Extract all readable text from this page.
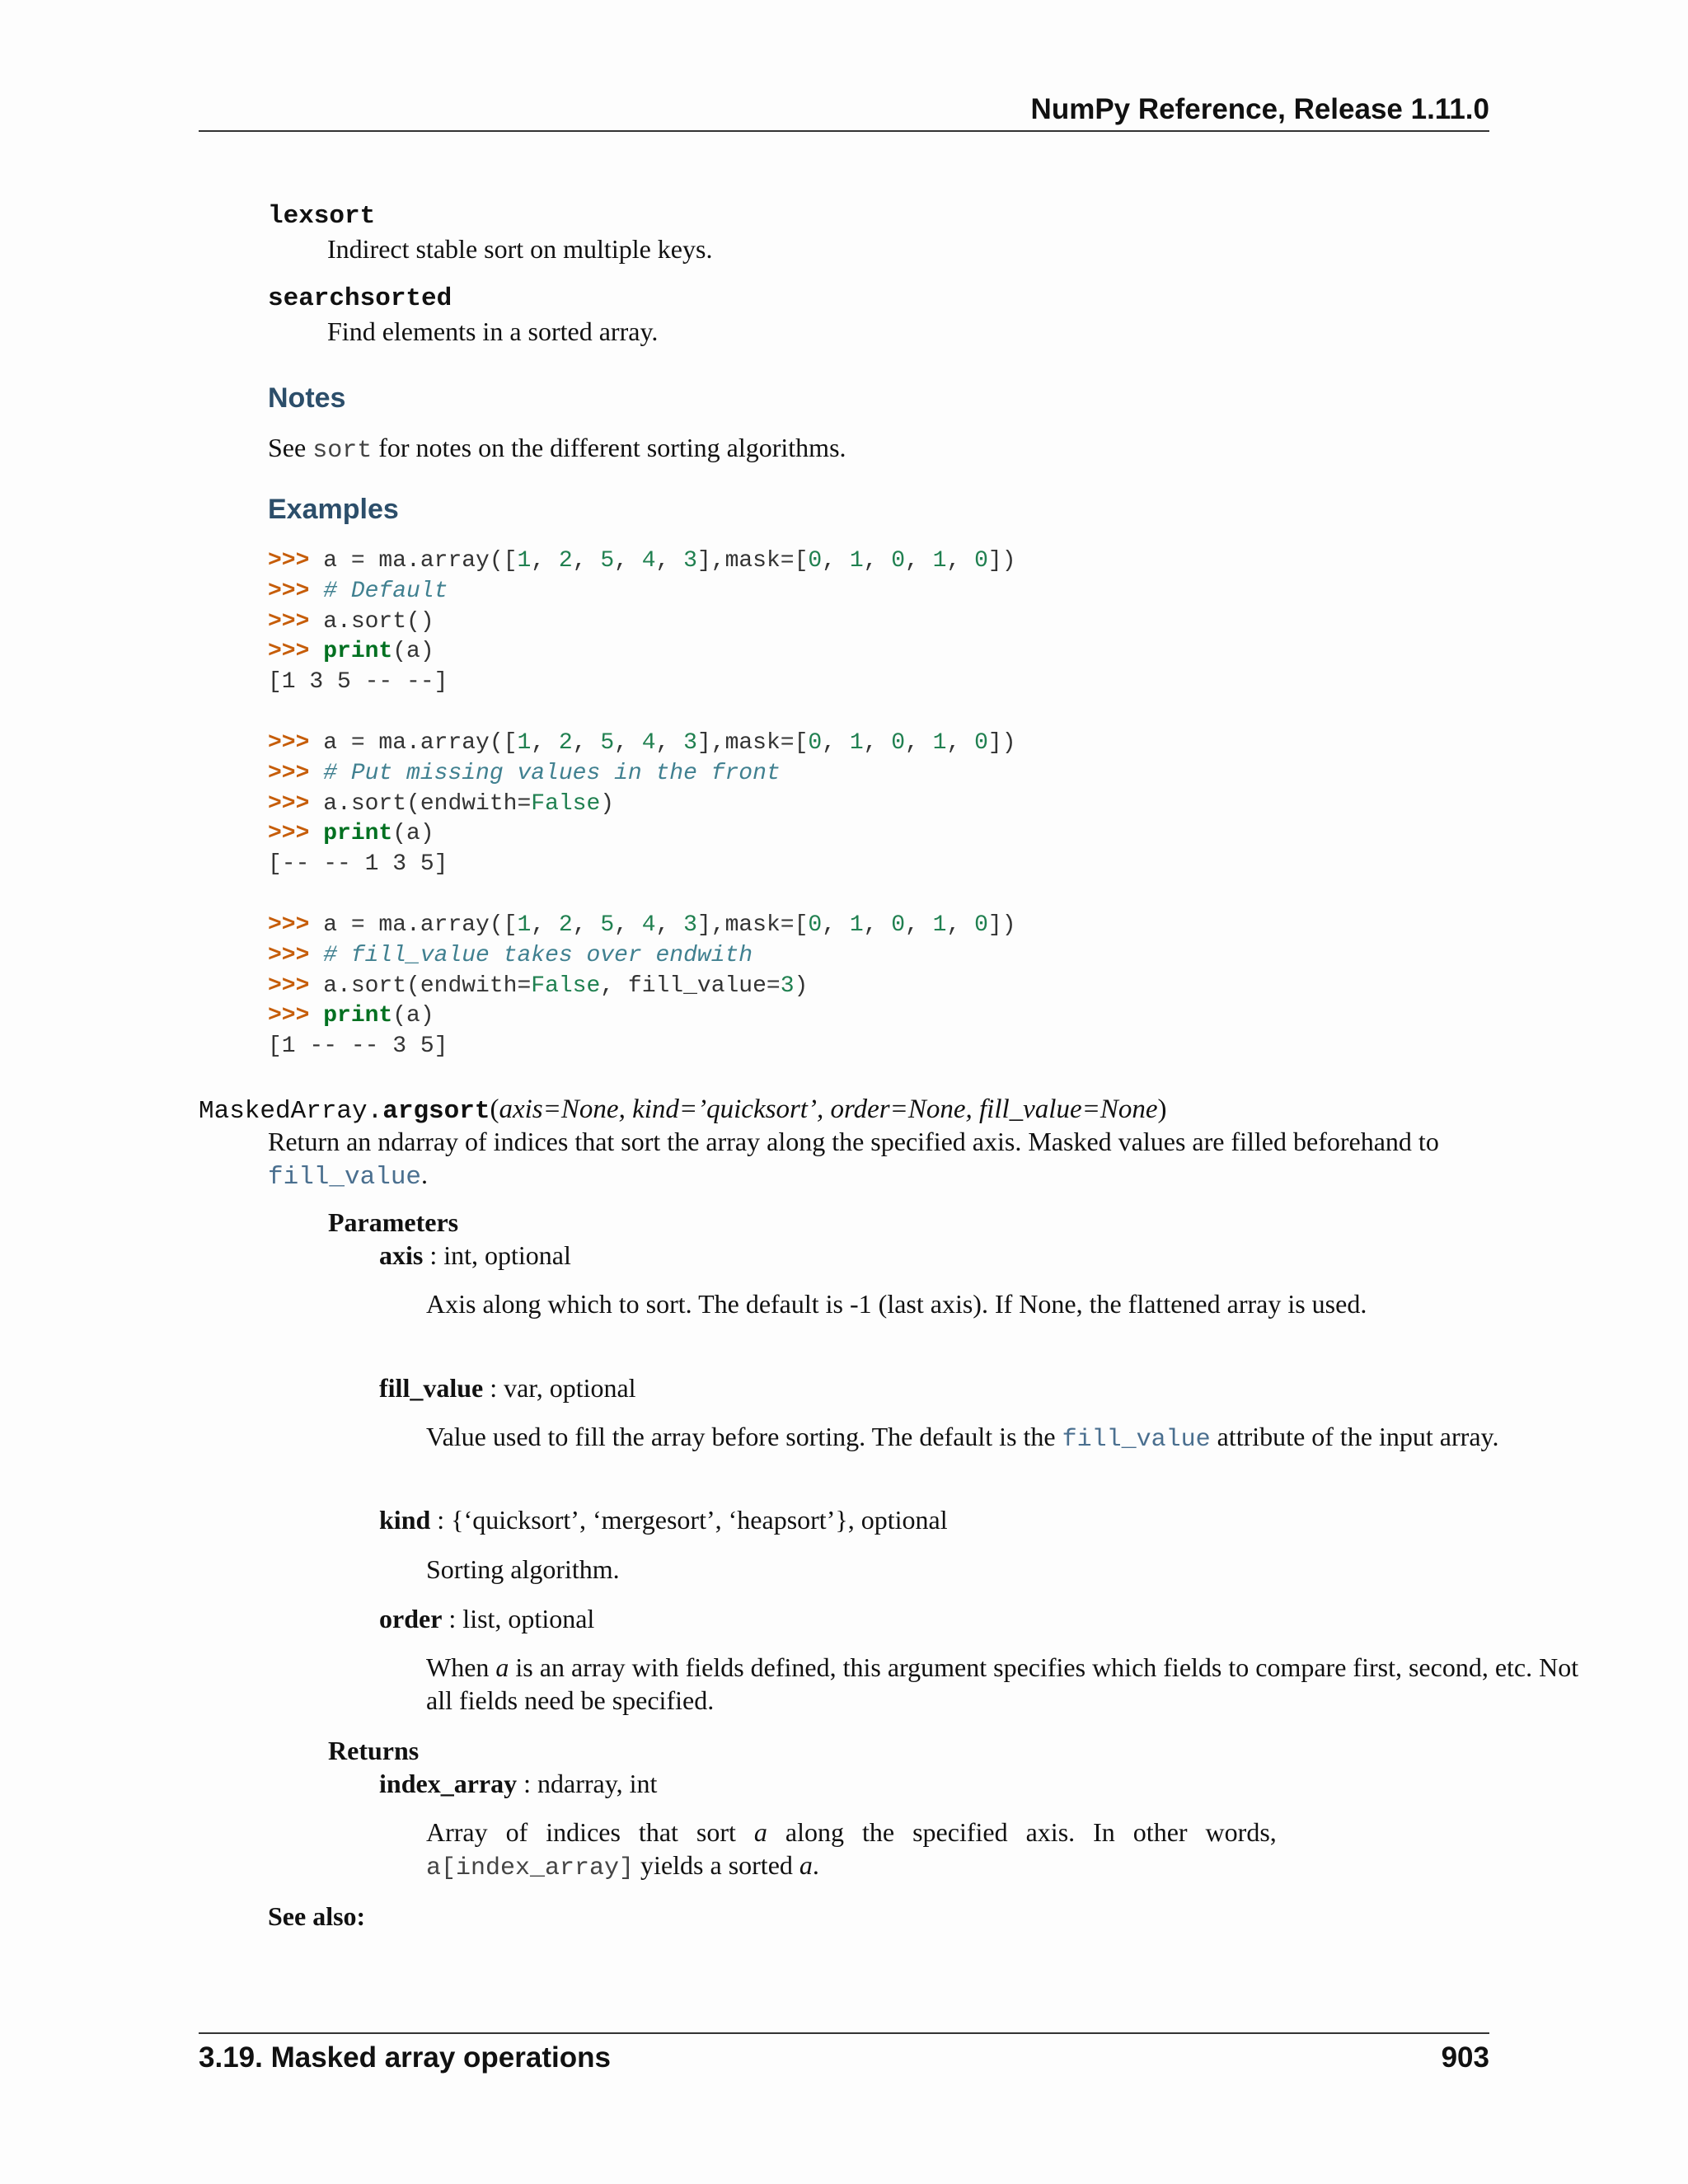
NumPy Reference, Release 1.11.0
lexsort
Indirect stable sort on multiple keys.
searchsorted
Find elements in a sorted array.
Notes
See sort for notes on the different sorting algorithms.
Examples
>>> a = ma.array([1, 2, 5, 4, 3],mask=[0, 1, 0, 1, 0])
>>> # Default
>>> a.sort()
>>> print(a)
[1 3 5 -- --]
>>> a = ma.array([1, 2, 5, 4, 3],mask=[0, 1, 0, 1, 0])
>>> # Put missing values in the front
>>> a.sort(endwith=False)
>>> print(a)
[-- -- 1 3 5]
>>> a = ma.array([1, 2, 5, 4, 3],mask=[0, 1, 0, 1, 0])
>>> # fill_value takes over endwith
>>> a.sort(endwith=False, fill_value=3)
>>> print(a)
[1 -- -- 3 5]
MaskedArray.argsort(axis=None, kind=’quicksort’, order=None, fill_value=None)
Return an ndarray of indices that sort the array along the specified axis. Masked values are filled beforehand to
fill_value.
Parameters
axis : int, optional
Axis along which to sort. The default is -1 (last axis). If None, the flattened array is used.
fill_value : var, optional
Value used to fill the array before sorting. The default is the fill_value attribute of the input array.
kind : {‘quicksort’, ‘mergesort’, ‘heapsort’}, optional
Sorting algorithm.
order : list, optional
When a is an array with fields defined, this argument specifies which fields to compare first, second, etc. Not all fields need be specified.
Returns
index_array : ndarray, int
Array of indices that sort a along the specified axis. In other words,
a[index_array] yields a sorted a.
See also:
3.19. Masked array operations	903
